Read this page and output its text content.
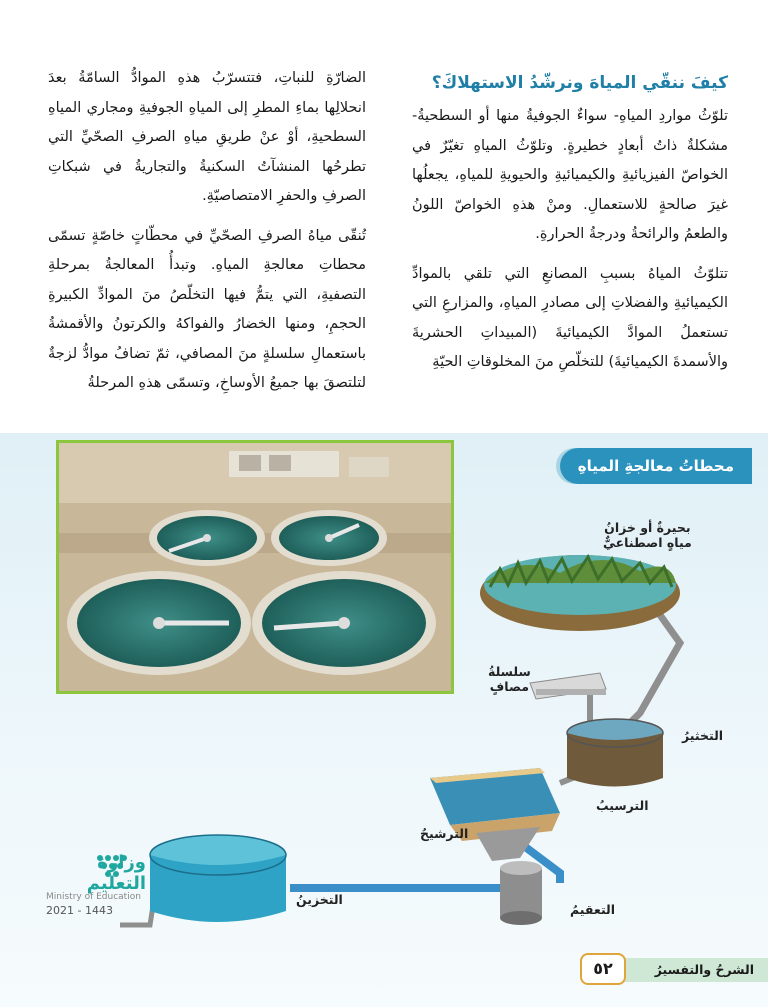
كيفَ ننقّي المياهَ ونرشّدُ الاستهلاكَ؟

تلوّثُ مواردِ المياهِ- سواءٌ الجوفيةُ منها أو السطحيةُ- مشكلةٌ ذاتُ أبعادٍ خطيرةٍ. وتلوّثُ المياهِ تغيّرٌ في الخواصّ الفيزيائيةِ والكيميائيةِ والحيويةِ للمياهِ، يجعلُها غيرَ صالحةٍ للاستعمالِ. ومنْ هذهِ الخواصّ اللونُ والطعمُ والرائحةُ ودرجةُ الحرارةِ.

تتلوّثُ المياهُ بسببِ المصانعِ التي تلقي بالموادِّ الكيميائيةِ والفضلاتِ إلى مصادرِ المياهِ، والمزارعِ التي تستعملُ الموادَّ الكيميائيةَ (المبيداتِ الحشريةَ والأسمدةَ الكيميائيةَ) للتخلّصِ منَ المخلوقاتِ الحيّةِ

الضارّةِ للنباتِ، فتتسرّبُ هذهِ الموادُّ السامّةُ بعدَ انحلالِها بماءِ المطرِ إلى المياهِ الجوفيةِ ومجاري المياهِ السطحيةِ، أوْ عنْ طريقِ مياهِ الصرفِ الصحّيِّ التي تطرحُها المنشآتُ السكنيةُ والتجاريةُ في شبكاتِ الصرفِ والحفرِ الامتصاصيّةِ.

تُنقّى مياهُ الصرفِ الصحّيِّ في محطّاتٍ خاصّةٍ تسمّى محطاتِ معالجةِ المياهِ. وتبدأُ المعالجةُ بمرحلةِ التصفيةِ، التي يتمُّ فيها التخلّصُ منَ الموادِّ الكبيرةِ الحجمِ، ومنها الخضارُ والفواكهُ والكرتونُ والأقمشةُ باستعمالِ سلسلةٍ منَ المصافي، ثمّ تضافُ موادُّ لزجةٌ لتلتصقَ بها جميعُ الأوساخِ، وتسمّى هذهِ المرحلةُ

محطاتُ معالجةِ المياهِ
بحيرةٌ أو خزانُ
مياهٍ اصطناعيٌّ
سلسلةُ
مصافٍ
التخثيرُ
الترسيبُ
الترشيحُ
التعقيمُ
التخزينُ
وزارة التعليم
Ministry of Education
2021 - 1443
الشرحُ والتفسيرُ
٥٢
